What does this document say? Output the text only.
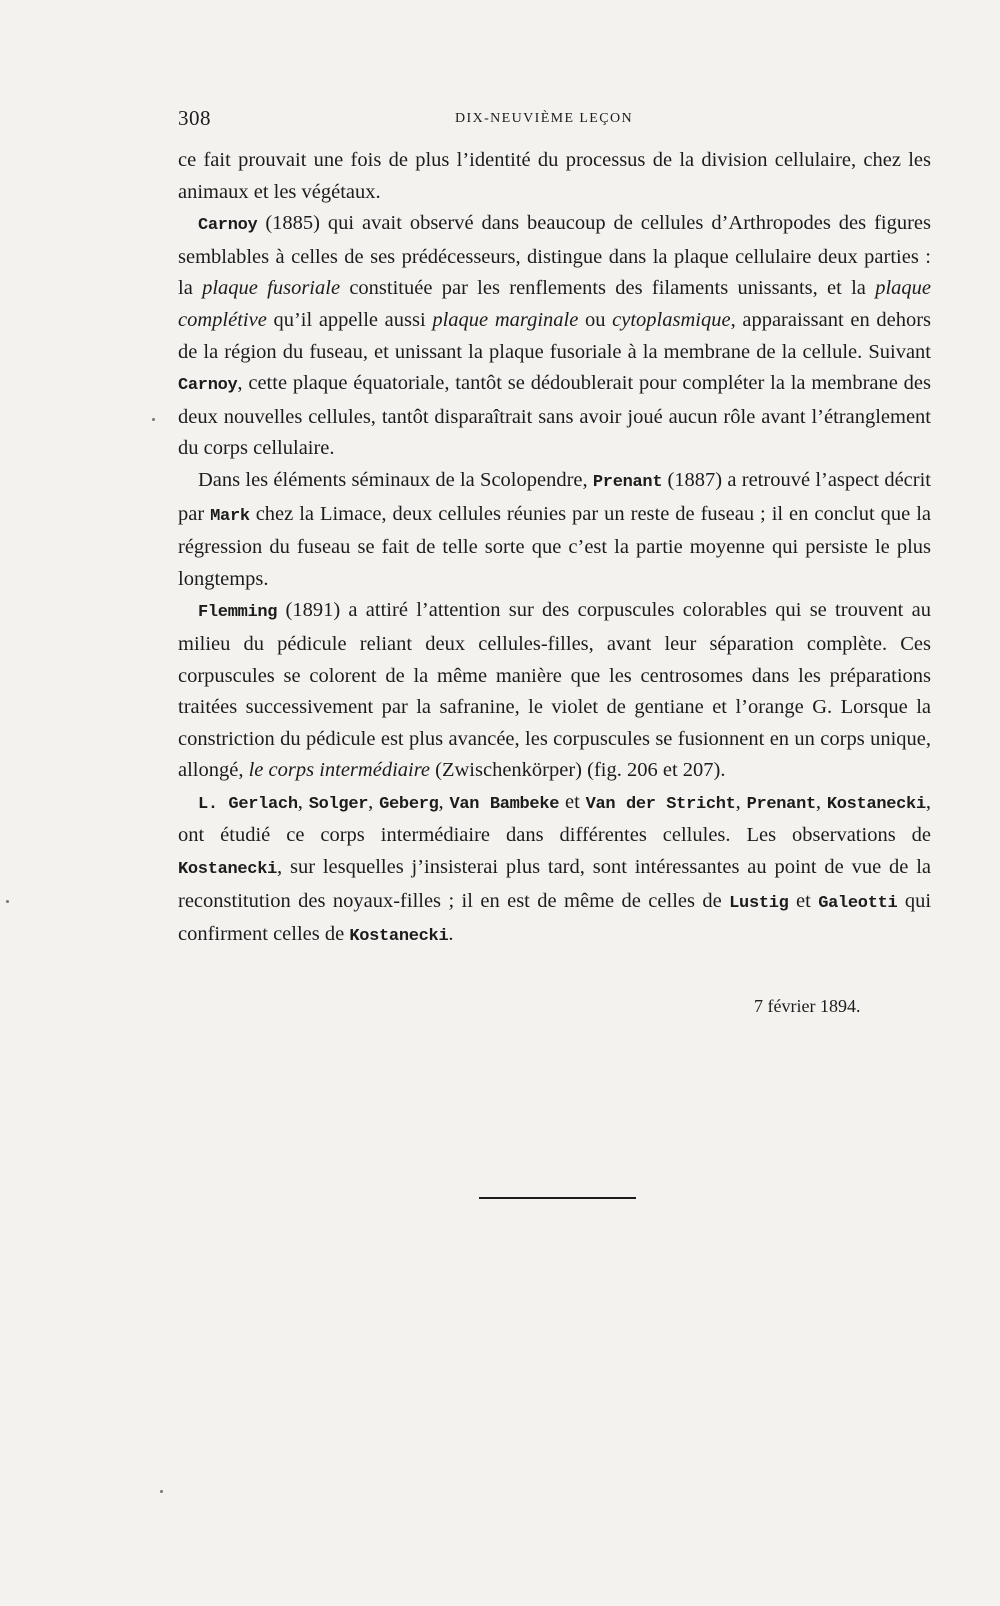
308	DIX-NEUVIÈME LEÇON

ce fait prouvait une fois de plus l’identité du processus de la division cellulaire, chez les animaux et les végétaux.

Carnoy (1885) qui avait observé dans beaucoup de cellules d’Arthropodes des figures semblables à celles de ses prédécesseurs, distingue dans la plaque cellulaire deux parties : la plaque fusoriale constituée par les renflements des filaments unissants, et la plaque complétive qu’il appelle aussi plaque marginale ou cytoplasmique, apparaissant en dehors de la région du fuseau, et unissant la plaque fusoriale à la membrane de la cellule. Suivant Carnoy, cette plaque équatoriale, tantôt se dédoublerait pour compléter la la membrane des deux nouvelles cellules, tantôt disparaîtrait sans avoir joué aucun rôle avant l’étranglement du corps cellulaire.

Dans les éléments séminaux de la Scolopendre, Prenant (1887) a retrouvé l’aspect décrit par Mark chez la Limace, deux cellules réunies par un reste de fuseau ; il en conclut que la régression du fuseau se fait de telle sorte que c’est la partie moyenne qui persiste le plus longtemps.

Flemming (1891) a attiré l’attention sur des corpuscules colorables qui se trouvent au milieu du pédicule reliant deux cellules-filles, avant leur séparation complète. Ces corpuscules se colorent de la même manière que les centrosomes dans les préparations traitées successivement par la safranine, le violet de gentiane et l’orange G. Lorsque la constriction du pédicule est plus avancée, les corpuscules se fusionnent en un corps unique, allongé, le corps intermédiaire (Zwischenkörper) (fig. 206 et 207).

L. Gerlach, Solger, Geberg, Van Bambeke et Van der Stricht, Prenant, Kostanecki, ont étudié ce corps intermédiaire dans différentes cellules. Les observations de Kostanecki, sur lesquelles j’insisterai plus tard, sont intéressantes au point de vue de la reconstitution des noyaux-filles ; il en est de même de celles de Lustig et Galeotti qui confirment celles de Kostanecki.

7 février 1894.
